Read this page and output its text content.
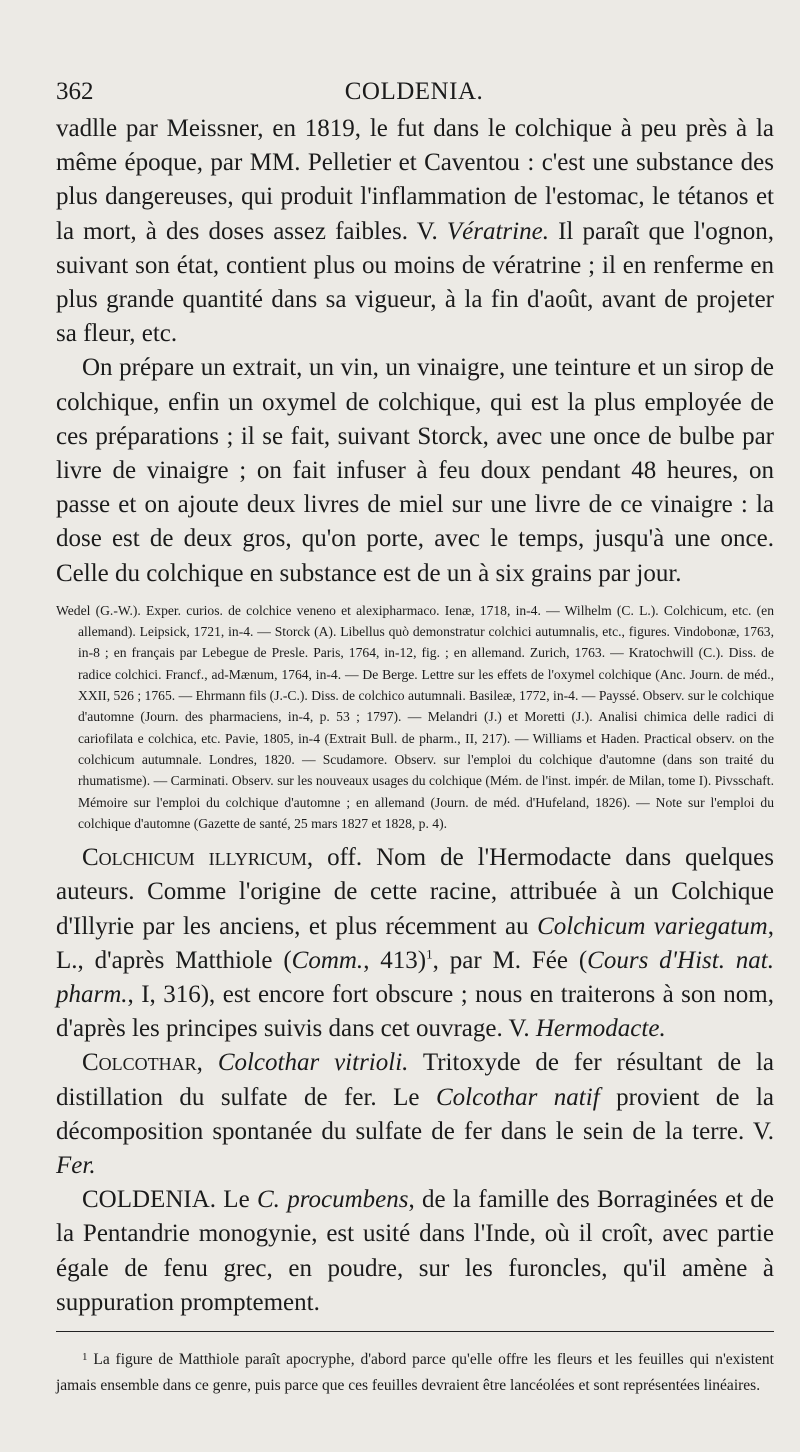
362	COLDENIA.

vadlle par Meissner, en 1819, le fut dans le colchique à peu près à la même époque, par MM. Pelletier et Caventou : c'est une substance des plus dangereuses, qui produit l'inflammation de l'estomac, le tétanos et la mort, à des doses assez faibles. V. Vératrine. Il paraît que l'ognon, suivant son état, contient plus ou moins de vératrine ; il en renferme en plus grande quantité dans sa vigueur, à la fin d'août, avant de projeter sa fleur, etc.

On prépare un extrait, un vin, un vinaigre, une teinture et un sirop de colchique, enfin un oxymel de colchique, qui est la plus employée de ces préparations ; il se fait, suivant Storck, avec une once de bulbe par livre de vinaigre ; on fait infuser à feu doux pendant 48 heures, on passe et on ajoute deux livres de miel sur une livre de ce vinaigre : la dose est de deux gros, qu'on porte, avec le temps, jusqu'à une once. Celle du colchique en substance est de un à six grains par jour.

Wedel (G.-W.). Exper. curios. de colchice veneno et alexipharmaco. Ienæ, 1718, in-4. — Wilhelm (C. L.). Colchicum, etc. (en allemand). Leipsick, 1721, in-4. — Storck (A). Libellus quò demonstratur colchici autumnalis, etc., figures. Vindobonæ, 1763, in-8 ; en français par Lebegue de Presle. Paris, 1764, in-12, fig. ; en allemand. Zurich, 1763. — Kratochwill (C.). Diss. de radice colchici. Francf., ad-Mænum, 1764, in-4. — De Berge. Lettre sur les effets de l'oxymel colchique (Anc. Journ. de méd., XXII, 526 ; 1765. — Ehrmann fils (J.-C.). Diss. de colchico autumnali. Basileæ, 1772, in-4. — Payssé. Observ. sur le colchique d'automne (Journ. des pharmaciens, in-4, p. 53 ; 1797). — Melandri (J.) et Moretti (J.). Analisi chimica delle radici di cariofilata e colchica, etc. Pavie, 1805, in-4 (Extrait Bull. de pharm., II, 217). — Williams et Haden. Practical observ. on the colchicum autumnale. Londres, 1820. — Scudamore. Observ. sur l'emploi du colchique d'automne (dans son traité du rhumatisme). — Carminati. Observ. sur les nouveaux usages du colchique (Mém. de l'inst. impér. de Milan, tome I). Pivsschaft. Mémoire sur l'emploi du colchique d'automne ; en allemand (Journ. de méd. d'Hufeland, 1826). — Note sur l'emploi du colchique d'automne (Gazette de santé, 25 mars 1827 et 1828, p. 4).

Colchicum illyricum, off. Nom de l'Hermodacte dans quelques auteurs. Comme l'origine de cette racine, attribuée à un Colchique d'Illyrie par les anciens, et plus récemment au Colchicum variegatum, L., d'après Matthiole (Comm., 413)$^1$, par M. Fée (Cours d'Hist. nat. pharm., I, 316), est encore fort obscure ; nous en traiterons à son nom, d'après les principes suivis dans cet ouvrage. V. Hermodacte.

Colcothar, Colcothar vitrioli. Tritoxyde de fer résultant de la distillation du sulfate de fer. Le Colcothar natif provient de la décomposition spontanée du sulfate de fer dans le sein de la terre. V. Fer.

COLDENIA. Le C. procumbens, de la famille des Borraginées et de la Pentandrie monogynie, est usité dans l'Inde, où il croît, avec partie égale de fenu grec, en poudre, sur les furoncles, qu'il amène à suppuration promptement.

$^1$ La figure de Matthiole paraît apocryphe, d'abord parce qu'elle offre les fleurs et les feuilles qui n'existent jamais ensemble dans ce genre, puis parce que ces feuilles devraient être lancéolées et sont représentées linéaires.
